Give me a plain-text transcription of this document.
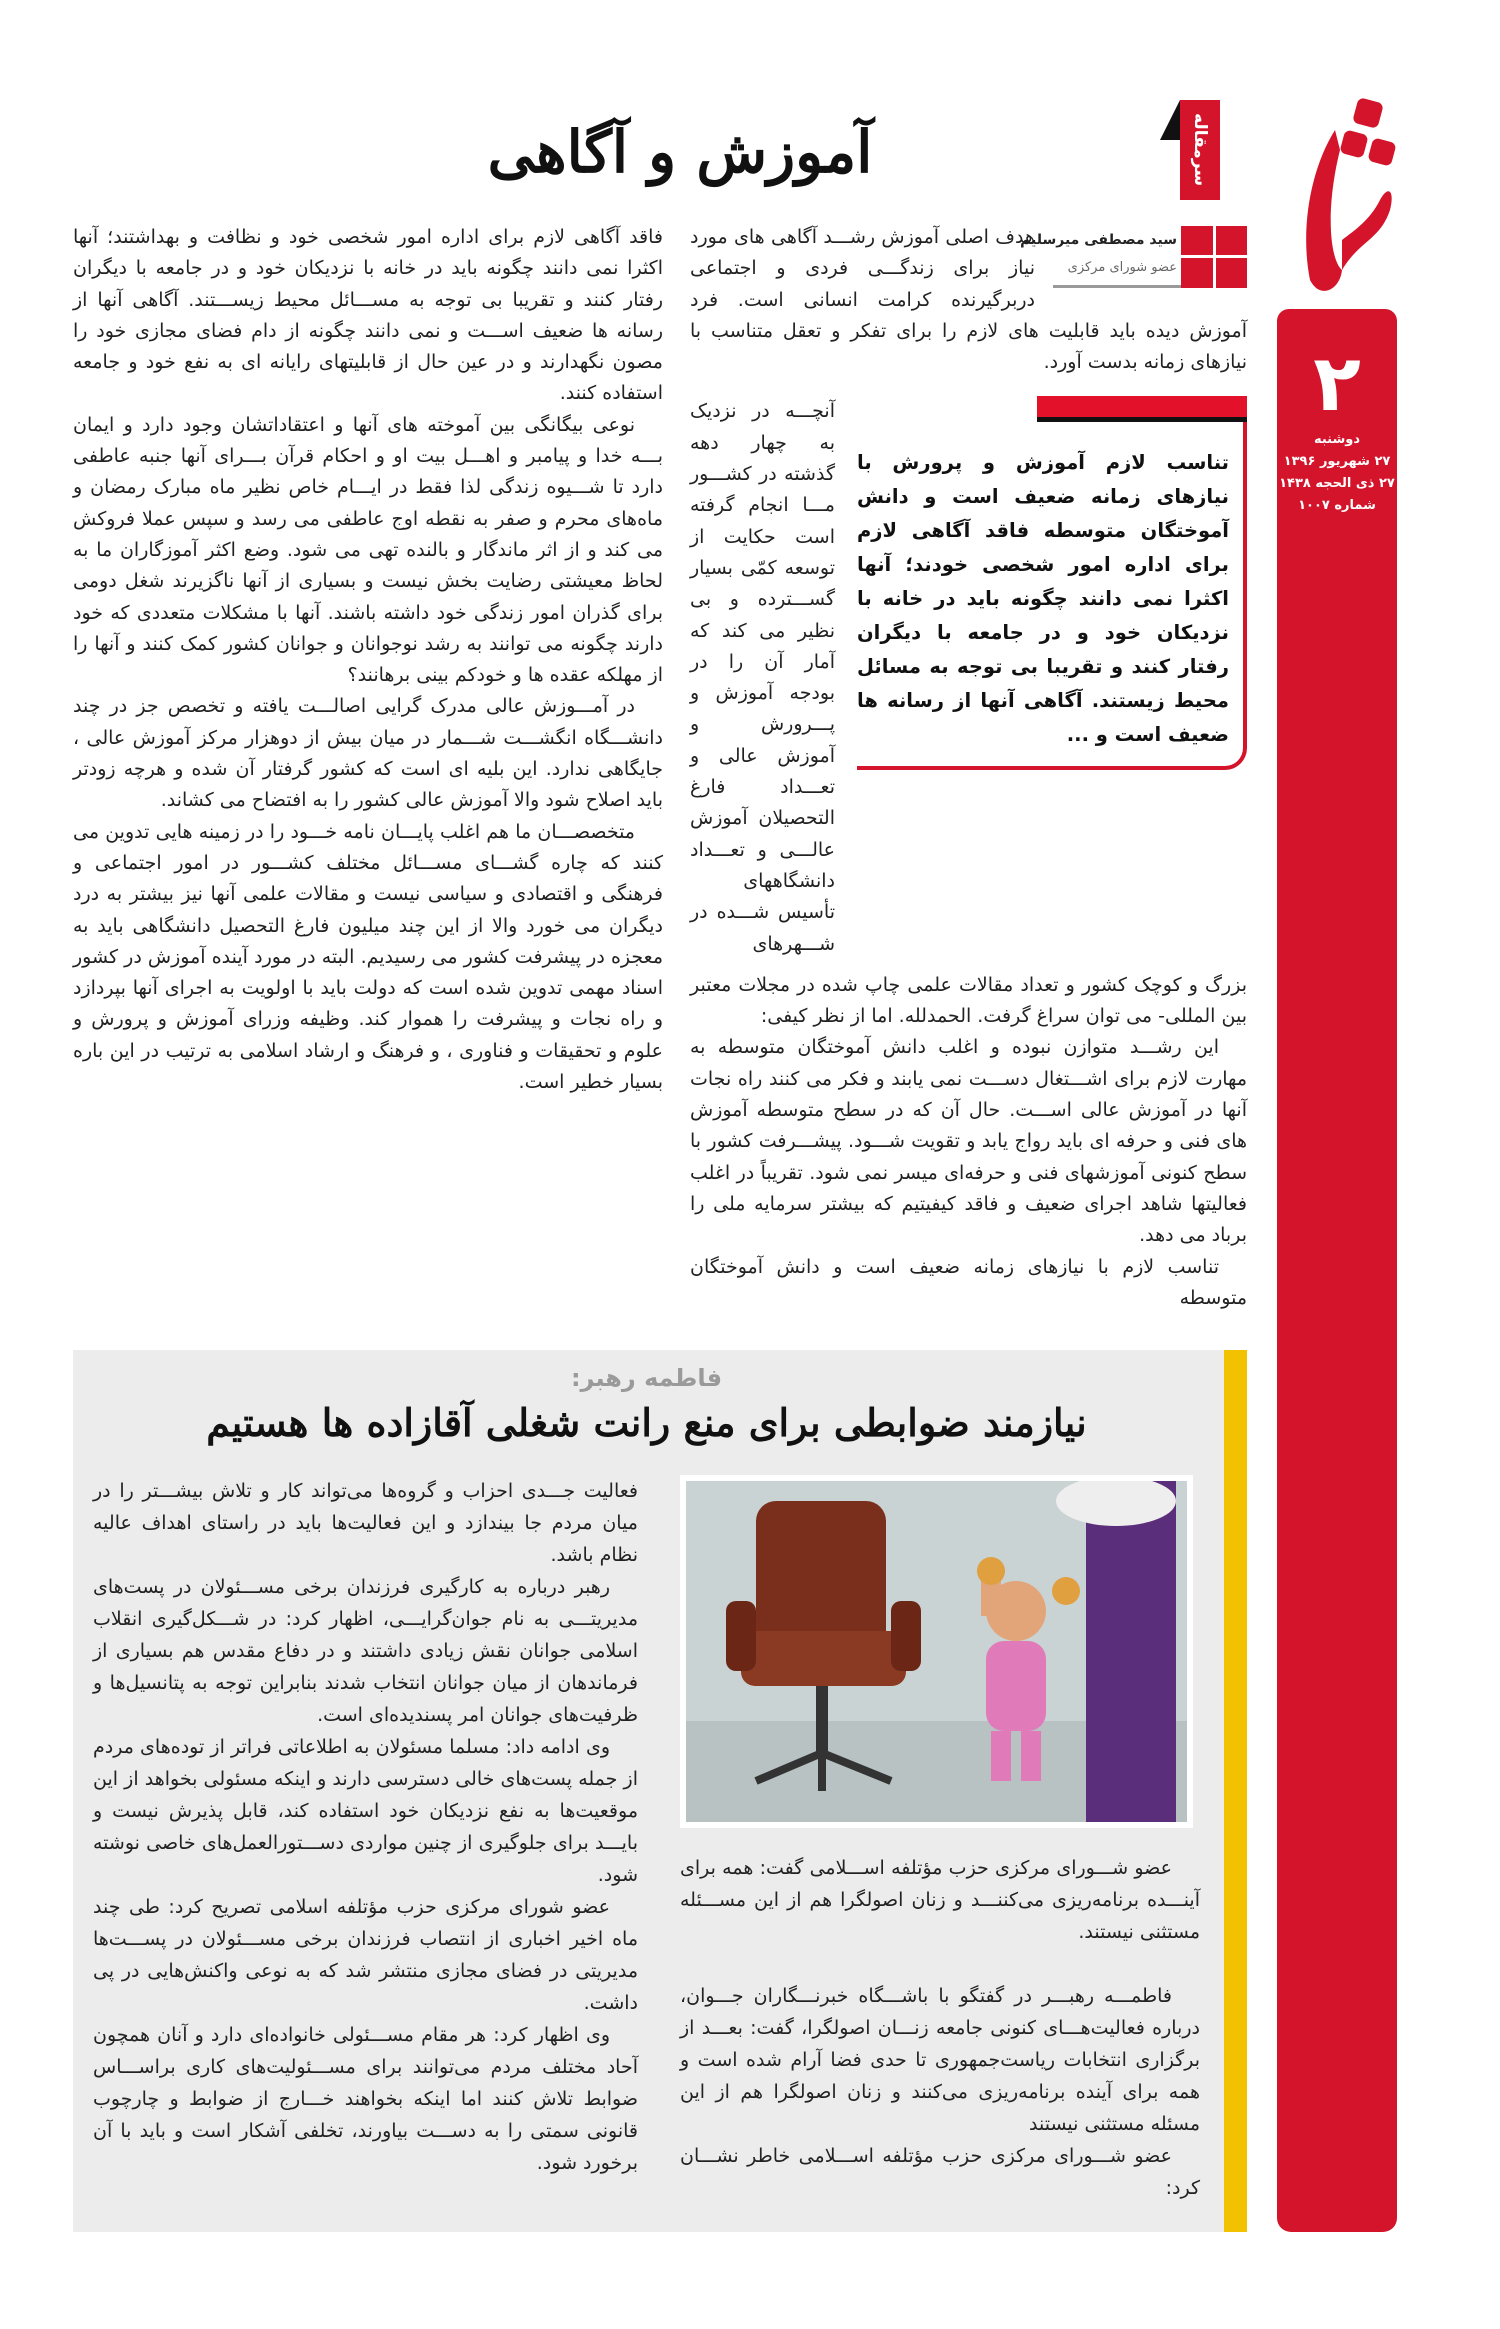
۲
دوشنبه
۲۷ شهریور ۱۳۹۶
۲۷ ذی الحجه ۱۴۳۸
شماره ۱۰۰۷
سرمقاله
آموزش و آگاهی
سید مصطفی میرسلیم
عضو شورای مرکزی
هدف اصلی آموزش رشـــد آگاهی های مورد نیاز برای زندگـــی فردی و اجتماعی دربرگیرنده کرامت انسانی است. فرد آموزش دیده باید قابلیت های لازم را برای تفکر و تعقل متناسب با نیازهای زمانه بدست آورد.
تناسب لازم آموزش و پرورش با نیازهای زمانه ضعیف است و دانش آموختگان متوسطه فاقد آگاهی لازم برای اداره امور شخصی خودند؛ آنها اکثرا نمی دانند چگونه باید در خانه با نزدیکان خود و در جامعه با دیگران رفتار کنند و تقریبا بی توجه به مسائل محیط زیستند. آگاهی آنها از رسانه ها ضعیف است و ...
آنچـــه در نزدیک به چهار دهه گذشته در کشـــور مـــا انجام گرفته است حکایت از توسعه کمّی بسیار گســـترده و بی نظیر می کند که آمار آن را در بودجه آموزش و پـــرورش و آموزش عالی و تعـــداد فارغ التحصیلان آموزش عالـــی و تعـــداد دانشگاههای تأسیس شـــده در شـــهرهای
بزرگ و کوچک کشور و تعداد مقالات علمی چاپ شده در مجلات معتبر بین المللی- می توان سراغ گرفت. الحمدلله. اما از نظر کیفی:

این رشـــد متوازن نبوده و اغلب دانش آموختگان متوسطه به مهارت لازم برای اشـــتغال دســـت نمی یابند و فکر می کنند راه نجات آنها در آموزش عالی اســـت. حال آن که در سطح متوسطه آموزش های فنی و حرفه ای باید رواج یابد و تقویت شـــود. پیشـــرفت کشور با سطح کنونی آموزشهای فنی و حرفه‌ای میسر نمی شود. تقریباً در اغلب فعالیتها شاهد اجرای ضعیف و فاقد کیفیتیم که بیشتر سرمایه ملی را برباد می دهد.

تناسب لازم با نیازهای زمانه ضعیف است و دانش آموختگان متوسطه

فاقد آگاهی لازم برای اداره امور شخصی خود و نظافت و بهداشتند؛ آنها اکثرا نمی دانند چگونه باید در خانه با نزدیکان خود و در جامعه با دیگران رفتار کنند و تقریبا بی توجه به مســـائل محیط زیســـتند. آگاهی آنها از رسانه ها ضعیف اســـت و نمی دانند چگونه از دام فضای مجازی خود را مصون نگهدارند و در عین حال از قابلیتهای رایانه ای به نفع خود و جامعه استفاده کنند.

نوعی بیگانگی بین آموخته های آنها و اعتقاداتشان وجود دارد و ایمان بـــه خدا و پیامبر و اهـــل بیت او و احکام قرآن بـــرای آنها جنبه عاطفی دارد تا شـــیوه زندگی لذا فقط در ایـــام خاص نظیر ماه مبارک رمضان و ماه‌های محرم و صفر به نقطه اوج عاطفی می رسد و سپس عملا فروکش می کند و از اثر ماندگار و بالنده تهی می شود. وضع اکثر آموزگاران ما به لحاظ معیشتی رضایت بخش نیست و بسیاری از آنها ناگزیرند شغل دومی برای گذران امور زندگی خود داشته باشند. آنها با مشکلات متعددی که خود دارند چگونه می توانند به رشد نوجوانان و جوانان کشور کمک کنند و آنها را از مهلکه عقده ها و خودکم بینی برهانند؟

در آمـــوزش عالی مدرک گرایی اصالـــت یافته و تخصص جز در چند دانشـــگاه انگشـــت شـــمار در میان بیش از دوهزار مرکز آموزش عالی ، جایگاهی ندارد. این بلیه ای است که کشور گرفتار آن شده و هرچه زودتر باید اصلاح شود والا آموزش عالی کشور را به افتضاح می کشاند.

متخصصـــان ما هم اغلب پایـــان نامه خـــود را در زمینه هایی تدوین می کنند که چاره گشـــای مســـائل مختلف کشـــور در امور اجتماعی و فرهنگی و اقتصادی و سیاسی نیست و مقالات علمی آنها نیز بیشتر به درد دیگران می خورد والا از این چند میلیون فارغ التحصیل دانشگاهی باید به معجزه در پیشرفت کشور می رسیدیم. البته در مورد آینده آموزش در کشور اسناد مهمی تدوین شده است که دولت باید با اولویت به اجرای آنها بپردازد و راه نجات و پیشرفت را هموار کند. وظیفه وزرای آموزش و پرورش و علوم و تحقیقات و فناوری ، و فرهنگ و ارشاد اسلامی به ترتیب در این باره بسیار خطیر است.

فاطمه رهبر:
نیازمند ضوابطی برای منع رانت شغلی آقازاده ها هستیم

عضو شـــورای مرکزی حزب مؤتلفه اســـلامی گفت: همه برای آینـــده برنامه‌ریزی می‌کننـــد و زنان اصولگرا هم از این مســـئله مستثنی نیستند.

فاطمـــه رهبـــر در گفتگو با باشـــگاه خبرنـــگاران جـــوان، درباره فعالیت‌هـــای کنونی جامعه زنـــان اصولگرا، گفت: بعـــد از برگزاری انتخابات ریاست‌جمهوری تا حدی فضا آرام شده است و همه برای آینده برنامه‌ریزی می‌کنند و زنان اصولگرا هم از این مسئله مستثنی نیستند

عضو شـــورای مرکزی حزب مؤتلفه اســـلامی خاطر نشـــان کرد:

فعالیت جـــدی احزاب و گروه‌ها می‌تواند کار و تلاش بیشـــتر را در میان مردم جا بیندازد و این فعالیت‌ها باید در راستای اهداف عالیه نظام باشد.

رهبر درباره به کارگیری فرزندان برخی مســـئولان در پست‌های مدیریتـــی به نام جوان‌گرایـــی، اظهار کرد: در شـــکل‌گیری انقلاب اسلامی جوانان نقش زیادی داشتند و در دفاع مقدس هم بسیاری از فرماندهان از میان جوانان انتخاب شدند بنابراین توجه به پتانسیل‌ها و ظرفیت‌های جوانان امر پسندیده‌ای است.

وی ادامه داد: مسلما مسئولان به اطلاعاتی فراتر از توده‌های مردم از جمله پست‌های خالی دسترسی دارند و اینکه مسئولی بخواهد از این موقعیت‌ها به نفع نزدیکان خود استفاده کند، قابل پذیرش نیست و بایـــد برای جلوگیری از چنین مواردی دســـتورالعمل‌های خاصی نوشته شود.

عضو شورای مرکزی حزب مؤتلفه اسلامی تصریح کرد: طی چند ماه اخیر اخباری از انتصاب فرزندان برخی مســـئولان در پســـت‌ها مدیریتی در فضای مجازی منتشر شد که به نوعی واکنش‌هایی در پی داشت.

وی اظهار کرد: هر مقام مســـئولی خانواده‌ای دارد و آنان همچون آحاد مختلف مردم می‌توانند برای مســـئولیت‌های کاری براســـاس ضوابط تلاش کنند اما اینکه بخواهند خـــارج از ضوابط و چارچوب قانونی سمتی را به دســـت بیاورند، تخلفی آشکار است و باید با آن برخورد شود.
